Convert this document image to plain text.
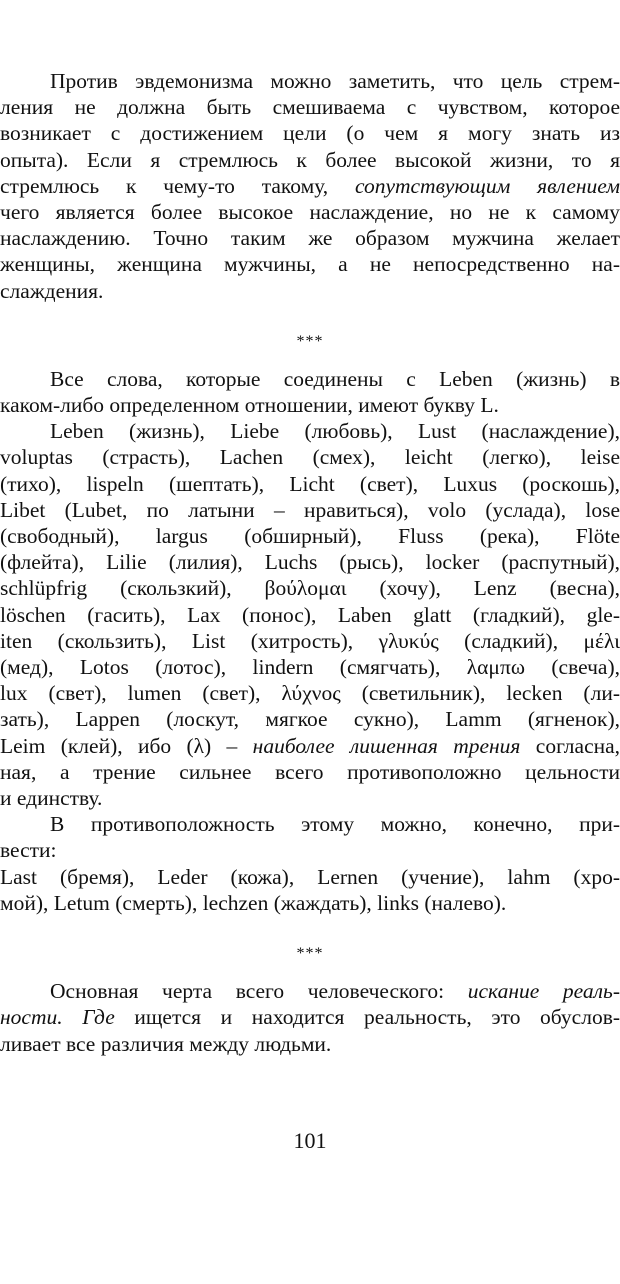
Против эвдемонизма можно заметить, что цель стрем-
ления не должна быть смешиваема с чувством, которое
возникает с достижением цели (о чем я могу знать из
опыта). Если я стремлюсь к более высокой жизни, то я
стремлюсь к чему-то такому, сопутствующим явлением
чего является более высокое наслаждение, но не к самому
наслаждению. Точно таким же образом мужчина желает
женщины, женщина мужчины, а не непосредственно на-
слаждения.
***
Все слова, которые соединены с Leben (жизнь) в
каком-либо определенном отношении, имеют букву L.
Leben (жизнь), Liebe (любовь), Lust (наслаждение),
voluptas (страсть), Lachen (смех), leicht (легко), leise
(тихо), lispeln (шептать), Licht (свет), Luxus (роскошь),
Libet (Lubet, по латыни – нравиться), volo (услада), lose
(свободный), largus (обширный), Fluss (река), Flöte
(флейта), Lilie (лилия), Luchs (рысь), locker (распутный),
schlüpfrig (скользкий), βούλομαι (хочу), Lenz (весна),
löschen (гасить), Lax (понос), Laben glatt (гладкий), gle-
iten (скользить), List (хитрость), γλυκύς (сладкий), μέλι
(мед), Lotos (лотос), lindern (смягчать), λαμπω (свеча),
lux (свет), lumen (свет), λύχνος (светильник), lecken (ли-
зать), Lappen (лоскут, мягкое сукно), Lamm (ягненок),
Leim (клей), ибо (λ) – наиболее лишенная трения согласна,
ная, а трение сильнее всего противоположно цельности
и единству.
В противоположность этому можно, конечно, при-
вести:
Last (бремя), Leder (кожа), Lernen (учение), lahm (хро-
мой), Letum (смерть), lechzen (жаждать), links (налево).
***
Основная черта всего человеческого: искание реаль-
ности. Где ищется и находится реальность, это обуслов-
ливает все различия между людьми.
101
